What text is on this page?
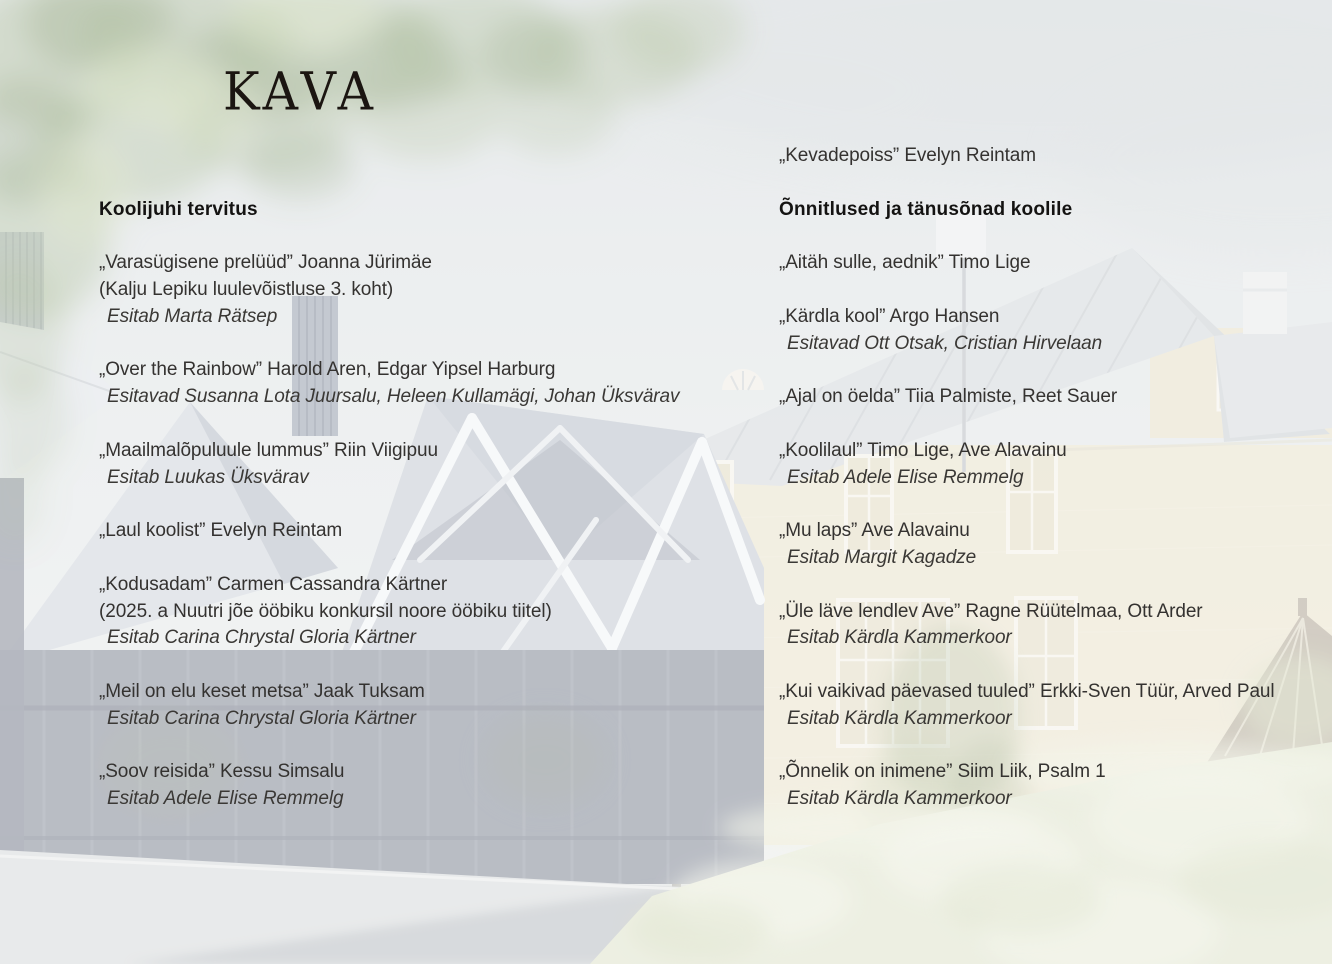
KAVA

Koolijuhi tervitus

„Varasügisene prelüüd” Joanna Jürimäe
(Kalju Lepiku luulevõistluse 3. koht)
Esitab Marta Rätsep

„Over the Rainbow” Harold Aren, Edgar Yipsel Harburg
Esitavad Susanna Lota Juursalu, Heleen Kullamägi, Johan Üksvärav

„Maailmalõpuluule lummus” Riin Viigipuu
Esitab Luukas Üksvärav

„Laul koolist” Evelyn Reintam

„Kodusadam” Carmen Cassandra Kärtner
(2025. a Nuutri jõe ööbiku konkursil noore ööbiku tiitel)
Esitab Carina Chrystal Gloria Kärtner

„Meil on elu keset metsa” Jaak Tuksam
Esitab Carina Chrystal Gloria Kärtner

„Soov reisida” Kessu Simsalu
Esitab Adele Elise Remmelg
„Kevadepoiss” Evelyn Reintam

Õnnitlused ja tänusõnad koolile

„Aitäh sulle, aednik” Timo Lige

„Kärdla kool” Argo Hansen
Esitavad Ott Otsak, Cristian Hirvelaan

„Ajal on öelda” Tiia Palmiste, Reet Sauer

„Koolilaul” Timo Lige, Ave Alavainu
Esitab Adele Elise Remmelg

„Mu laps” Ave Alavainu
Esitab Margit Kagadze

„Üle läve lendlev Ave” Ragne Rüütelmaa, Ott Arder
Esitab Kärdla Kammerkoor

„Kui vaikivad päevased tuuled” Erkki-Sven Tüür, Arved Paul
Esitab Kärdla Kammerkoor

„Õnnelik on inimene” Siim Liik, Psalm 1
Esitab Kärdla Kammerkoor
